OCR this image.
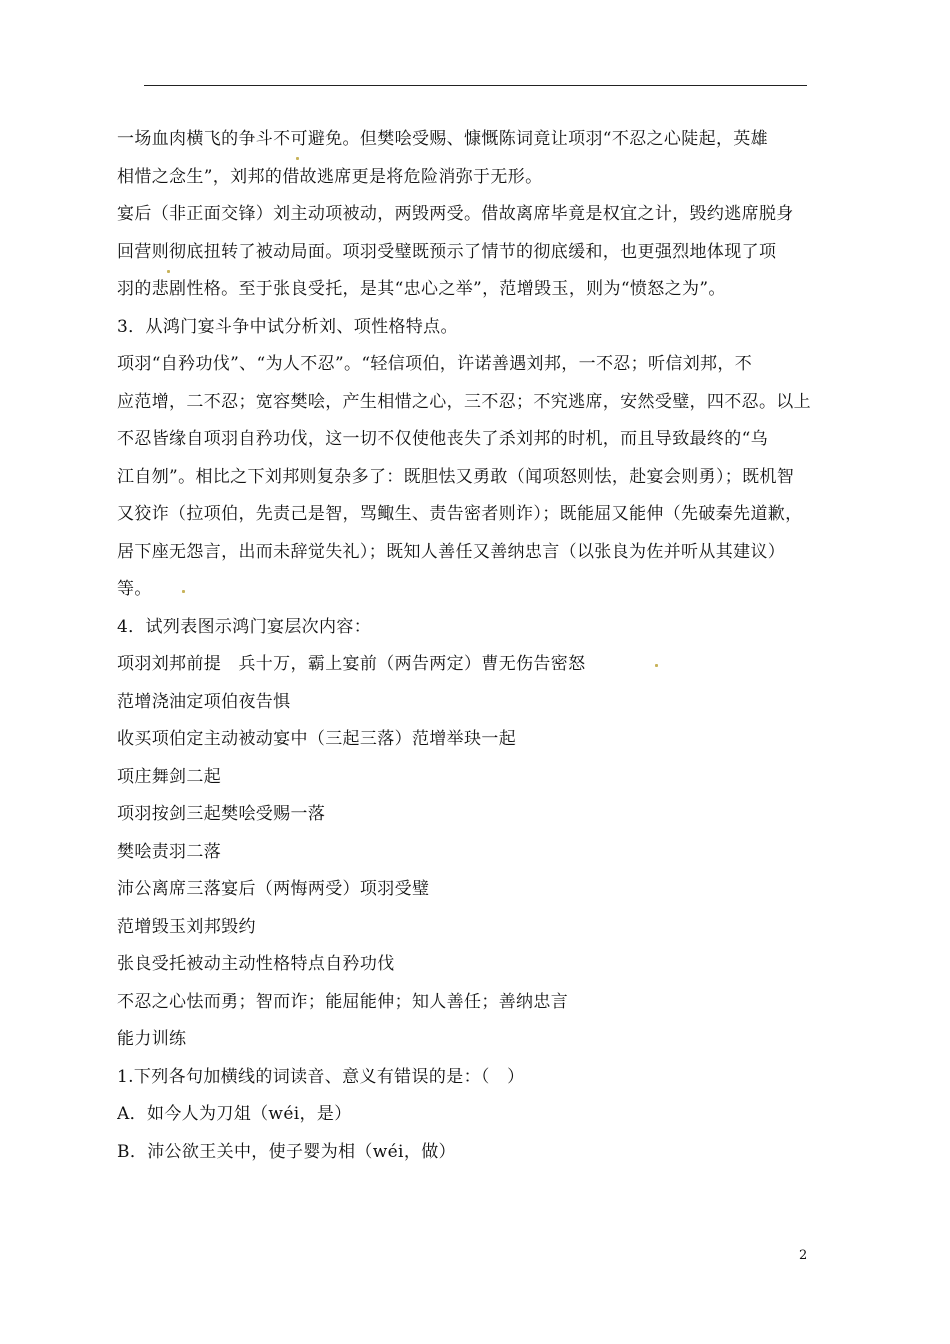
一场血肉横飞的争斗不可避免。但樊哙受赐、慷慨陈词竟让项羽“不忍之心陡起，英雄
相惜之念生”，刘邦的借故逃席更是将危险消弥于无形。
宴后（非正面交锋）刘主动项被动，两毁两受。借故离席毕竟是权宜之计，毁约逃席脱身
回营则彻底扭转了被动局面。项羽受璧既预示了情节的彻底缓和，也更强烈地体现了项
羽的悲剧性格。至于张良受托，是其“忠心之举”，范增毁玉，则为“愤怒之为”。
3．从鸿门宴斗争中试分析刘、项性格特点。
项羽“自矜功伐”、“为人不忍”。“轻信项伯，许诺善遇刘邦，一不忍；听信刘邦，不
应范增，二不忍；宽容樊哙，产生相惜之心，三不忍；不究逃席，安然受璧，四不忍。以上
不忍皆缘自项羽自矜功伐，这一切不仅使他丧失了杀刘邦的时机，而且导致最终的“乌
江自刎”。相比之下刘邦则复杂多了：既胆怯又勇敢（闻项怒则怯，赴宴会则勇）；既机智
又狡诈（拉项伯，先责己是智，骂鲰生、责告密者则诈）；既能屈又能伸（先破秦先道歉，
居下座无怨言，出而未辞觉失礼）；既知人善任又善纳忠言（以张良为佐并听从其建议）
等。
4．试列表图示鸿门宴层次内容：
项羽刘邦前提　兵十万，霸上宴前（两告两定）曹无伤告密怒
范增浇油定项伯夜告惧
收买项伯定主动被动宴中（三起三落）范增举玦一起
项庄舞剑二起
项羽按剑三起樊哙受赐一落
樊哙责羽二落
沛公离席三落宴后（两悔两受）项羽受璧
范增毁玉刘邦毁约
张良受托被动主动性格特点自矜功伐
不忍之心怯而勇；智而诈；能屈能伸；知人善任；善纳忠言
能力训练
1.下列各句加横线的词读音、意义有错误的是：（　）
A．如今人为刀俎（wéi，是）
B．沛公欲王关中，使子婴为相（wéi，做）
2
